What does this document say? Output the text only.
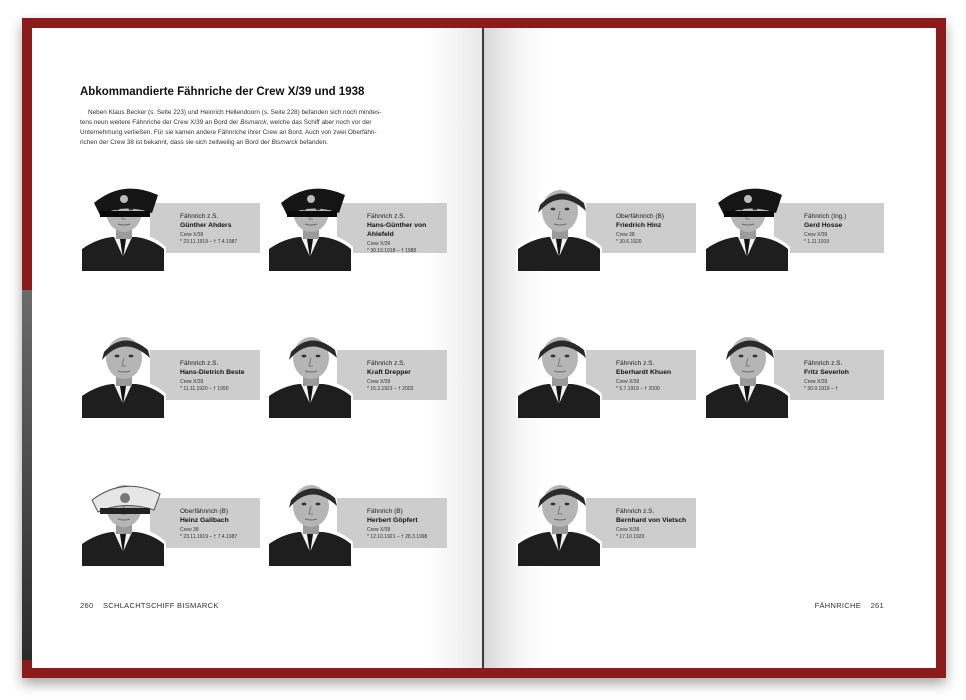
Abkommandierte Fähnriche der Crew X/39 und 1938

Neben Klaus Becker (s. Seite 223) und Heinrich Hellendoorn (s. Seite 228) befanden sich noch mindes-
tens neun weitere Fähnriche der Crew X/39 an Bord der Bismarck, welche das Schiff aber noch vor der
Unternehmung verließen. Für sie kamen andere Fähnriche ihrer Crew an Bord. Auch von zwei Oberfähn-
richen der Crew 38 ist bekannt, dass sie sich zeitweilig an Bord der Bismarck befanden.

Fähnrich z.S.
Günther Ahders
Crew X/39
* 23.11.1919 – † 7.4.1987
Fähnrich z.S.
Hans-Günther von Ahlefeld
Crew X/39
* 30.10.1918 – † 1988
Fähnrich z.S.
Hans-Dietrich Beste
Crew X/39
* 11.11.1920 – † 1990
Fähnrich z.S.
Kraft Drepper
Crew X/39
* 15.3.1921 – † 2002
Oberfähnrich (B)
Heinz Gallbach
Crew 38
* 23.11.1919 – † 7.4.1987
Fähnrich (B)
Herbert Göpfert
Crew X/39
* 12.10.1921 – † 28.3.1998
260 SCHLACHTSCHIFF BISMARCK
Oberfähnrich (B)
Friedrich Hinz
Crew 38
* 30.6.1920
Fähnrich (Ing.)
Gerd Hosse
Crew X/39
* 1.11.1919
Fähnrich z.S.
Eberhardt Khuen
Crew X/39
* 5.7.1919 – † 2000
Fähnrich z.S.
Fritz Severloh
Crew X/39
* 30.9.1919 – †
Fähnrich z.S.
Bernhard von Vietsch
Crew X/39
* 17.10.1920
FÄHNRICHE 261
